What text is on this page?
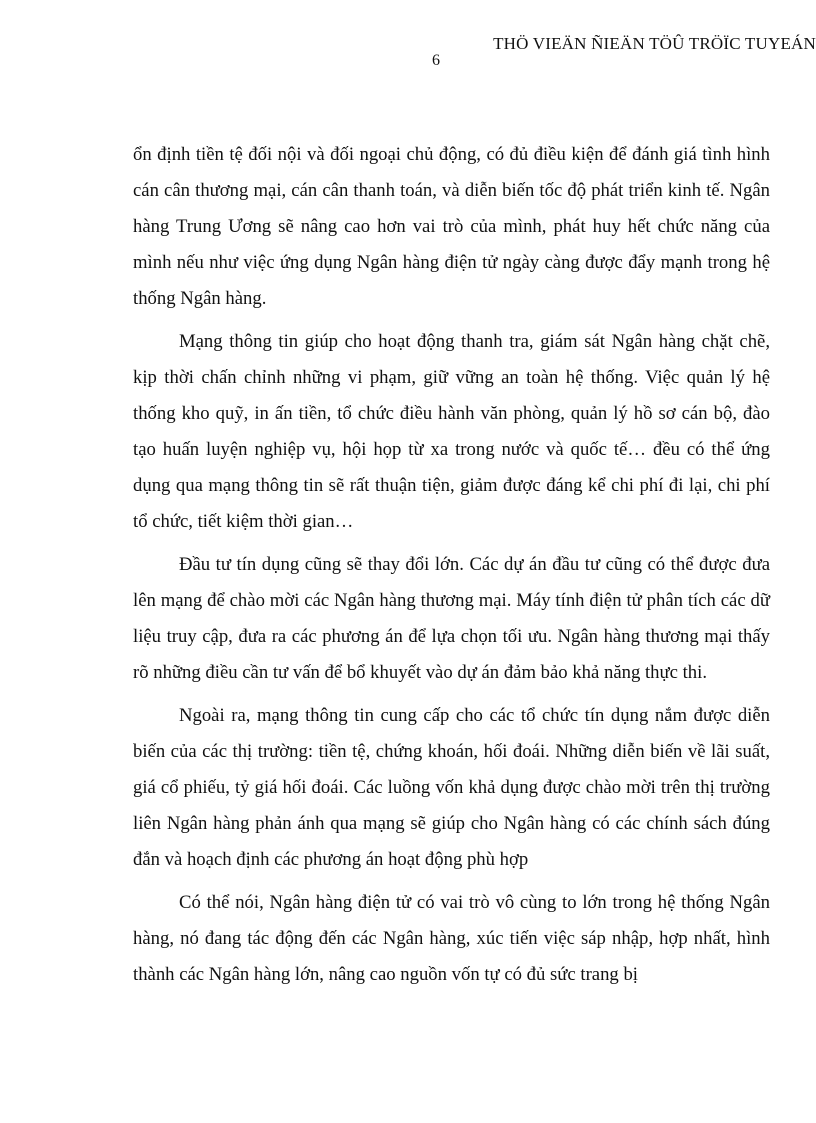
THÖ VIEÄN ÑIEÄN TÖÛ TRÖÏC TUYEÁN
6

ổn định tiền tệ đối nội và đối ngoại chủ động, có đủ điều kiện để đánh giá tình hình cán cân thương mại, cán cân thanh toán, và diễn biến tốc độ phát triển kinh tế. Ngân hàng Trung Ương sẽ nâng cao hơn vai trò của mình, phát huy hết chức năng của mình nếu như việc ứng dụng Ngân hàng điện tử ngày càng được đẩy mạnh trong hệ thống Ngân hàng.

Mạng thông tin giúp cho hoạt động thanh tra, giám sát Ngân hàng chặt chẽ, kịp thời chấn chỉnh những vi phạm, giữ vững an toàn hệ thống. Việc quản lý hệ thống kho quỹ, in ấn tiền, tổ chức điều hành văn phòng, quản lý hồ sơ cán bộ, đào tạo huấn luyện nghiệp vụ, hội họp từ xa trong nước và quốc tế… đều có thể ứng dụng qua mạng thông tin sẽ rất thuận tiện, giảm được đáng kể chi phí đi lại, chi phí tổ chức, tiết kiệm thời gian…

Đầu tư tín dụng cũng sẽ thay đổi lớn. Các dự án đầu tư cũng có thể được đưa lên mạng để chào mời các Ngân hàng thương mại. Máy tính điện tử phân tích các dữ liệu truy cập, đưa ra các phương án để lựa chọn tối ưu. Ngân hàng thương mại thấy rõ những điều cần tư vấn để bổ khuyết vào dự án đảm bảo khả năng thực thi.

Ngoài ra, mạng thông tin cung cấp cho các tổ chức tín dụng nắm được diễn biến của các thị trường: tiền tệ, chứng khoán, hối đoái. Những diễn biến về lãi suất, giá cổ phiếu, tỷ giá hối đoái. Các luồng vốn khả dụng được chào mời trên thị trường liên Ngân hàng phản ánh qua mạng sẽ giúp cho Ngân hàng có các chính sách đúng đắn và hoạch định các phương án hoạt động phù hợp

Có thể nói, Ngân hàng điện tử có vai trò vô cùng to lớn trong hệ thống Ngân hàng, nó đang tác động đến các Ngân hàng, xúc tiến việc sáp nhập, hợp nhất, hình thành các Ngân hàng lớn, nâng cao nguồn vốn tự có đủ sức trang bị
